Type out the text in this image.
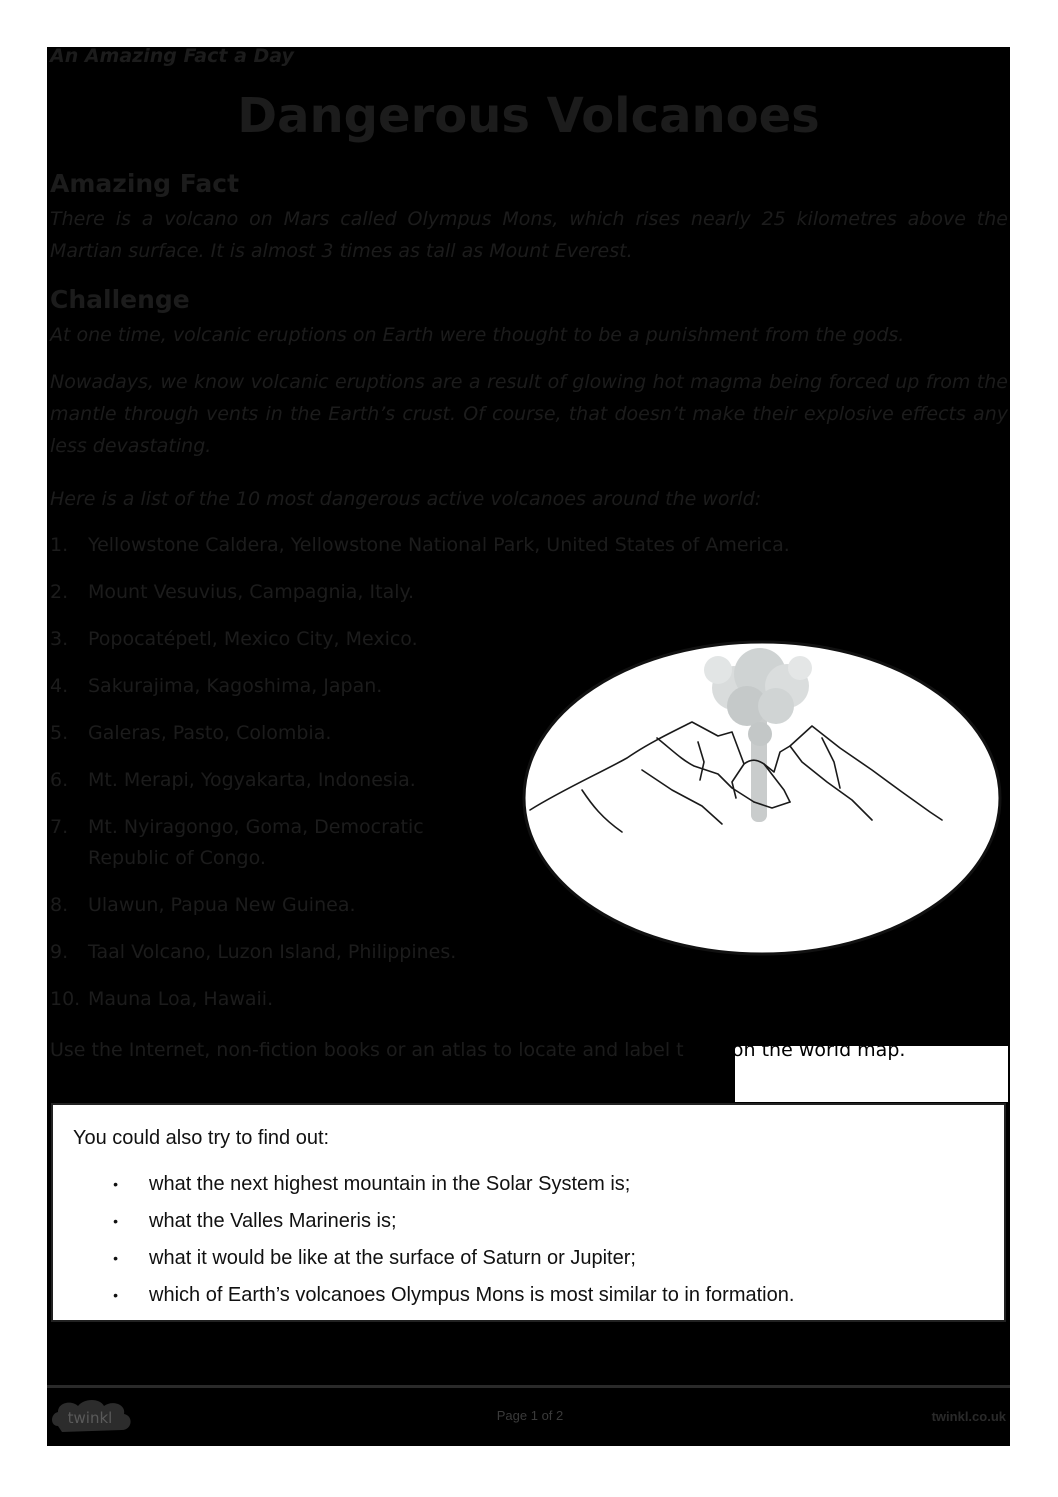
An Amazing Fact a Day

Dangerous Volcanoes
Amazing Fact

There is a volcano on Mars called Olympus Mons, which rises nearly 25 kilometres above the Martian surface. It is almost 3 times as tall as Mount Everest.

Challenge

At one time, volcanic eruptions on Earth were thought to be a punishment from the gods.

Nowadays, we know volcanic eruptions are a result of glowing hot magma being forced up from the mantle through vents in the Earth’s crust. Of course, that doesn’t make their explosive effects any less devastating.

Here is a list of the 10 most dangerous active volcanoes around the world:

1.	Yellowstone Caldera, Yellowstone National Park, United States of America.
2.	Mount Vesuvius, Campagnia, Italy.
3.	Popocatépetl, Mexico City, Mexico.
4.	Sakurajima, Kagoshima, Japan.
5.	Galeras, Pasto, Colombia.
6.	Mt. Merapi, Yogyakarta, Indonesia.
7.	Mt. Nyiragongo, Goma, Democratic Republic of Congo.
8.	Ulawun, Papua New Guinea.
9.	Taal Volcano, Luzon Island, Philippines.
10. Mauna Loa, Hawaii.

Use the Internet, non-fiction books or an atlas to locate and label them on the world map.

You could also try to find out:

•	what the next highest mountain in the Solar System is;
•	what the Valles Marineris is;
•	what it would be like at the surface of Saturn or Jupiter;
•	which of Earth’s volcanoes Olympus Mons is most similar to in formation.
twinkl	Page 1 of 2	twinkl.co.uk
